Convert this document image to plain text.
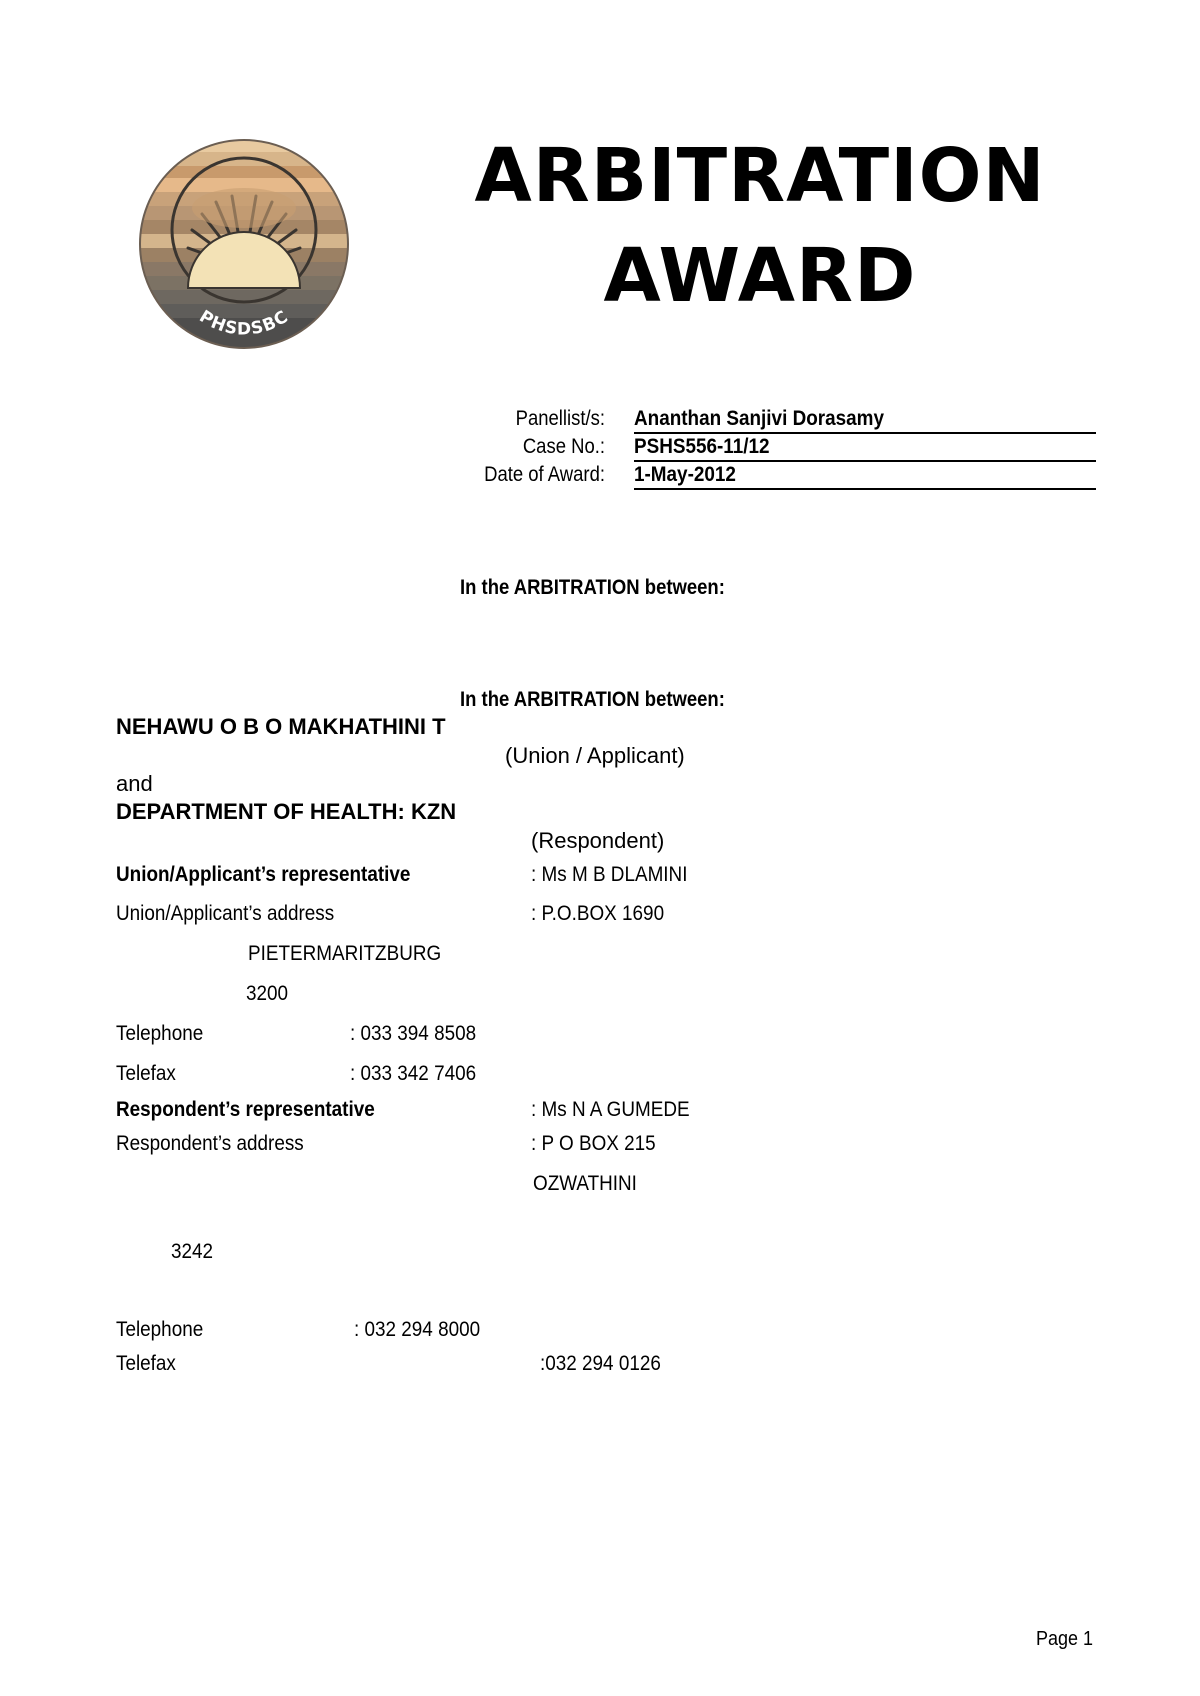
PHSDSBC
ARBITRATION
AWARD
Panellist/s: Ananthan Sanjivi Dorasamy
Case No.: PSHS556-11/12
Date of Award: 1-May-2012
In the ARBITRATION between:
In the ARBITRATION between:
NEHAWU O B O MAKHATHINI T
(Union / Applicant)
and
DEPARTMENT OF HEALTH: KZN
(Respondent)
Union/Applicant’s representative	: Ms M B DLAMINI
Union/Applicant’s address	: P.O.BOX 1690
PIETERMARITZBURG
3200
Telephone	: 033 394 8508
Telefax	: 033 342 7406
Respondent’s representative	: Ms N A GUMEDE
Respondent’s address	: P O BOX 215
OZWATHINI
3242
Telephone	: 032 294 8000
Telefax	:032 294 0126
Page 1
